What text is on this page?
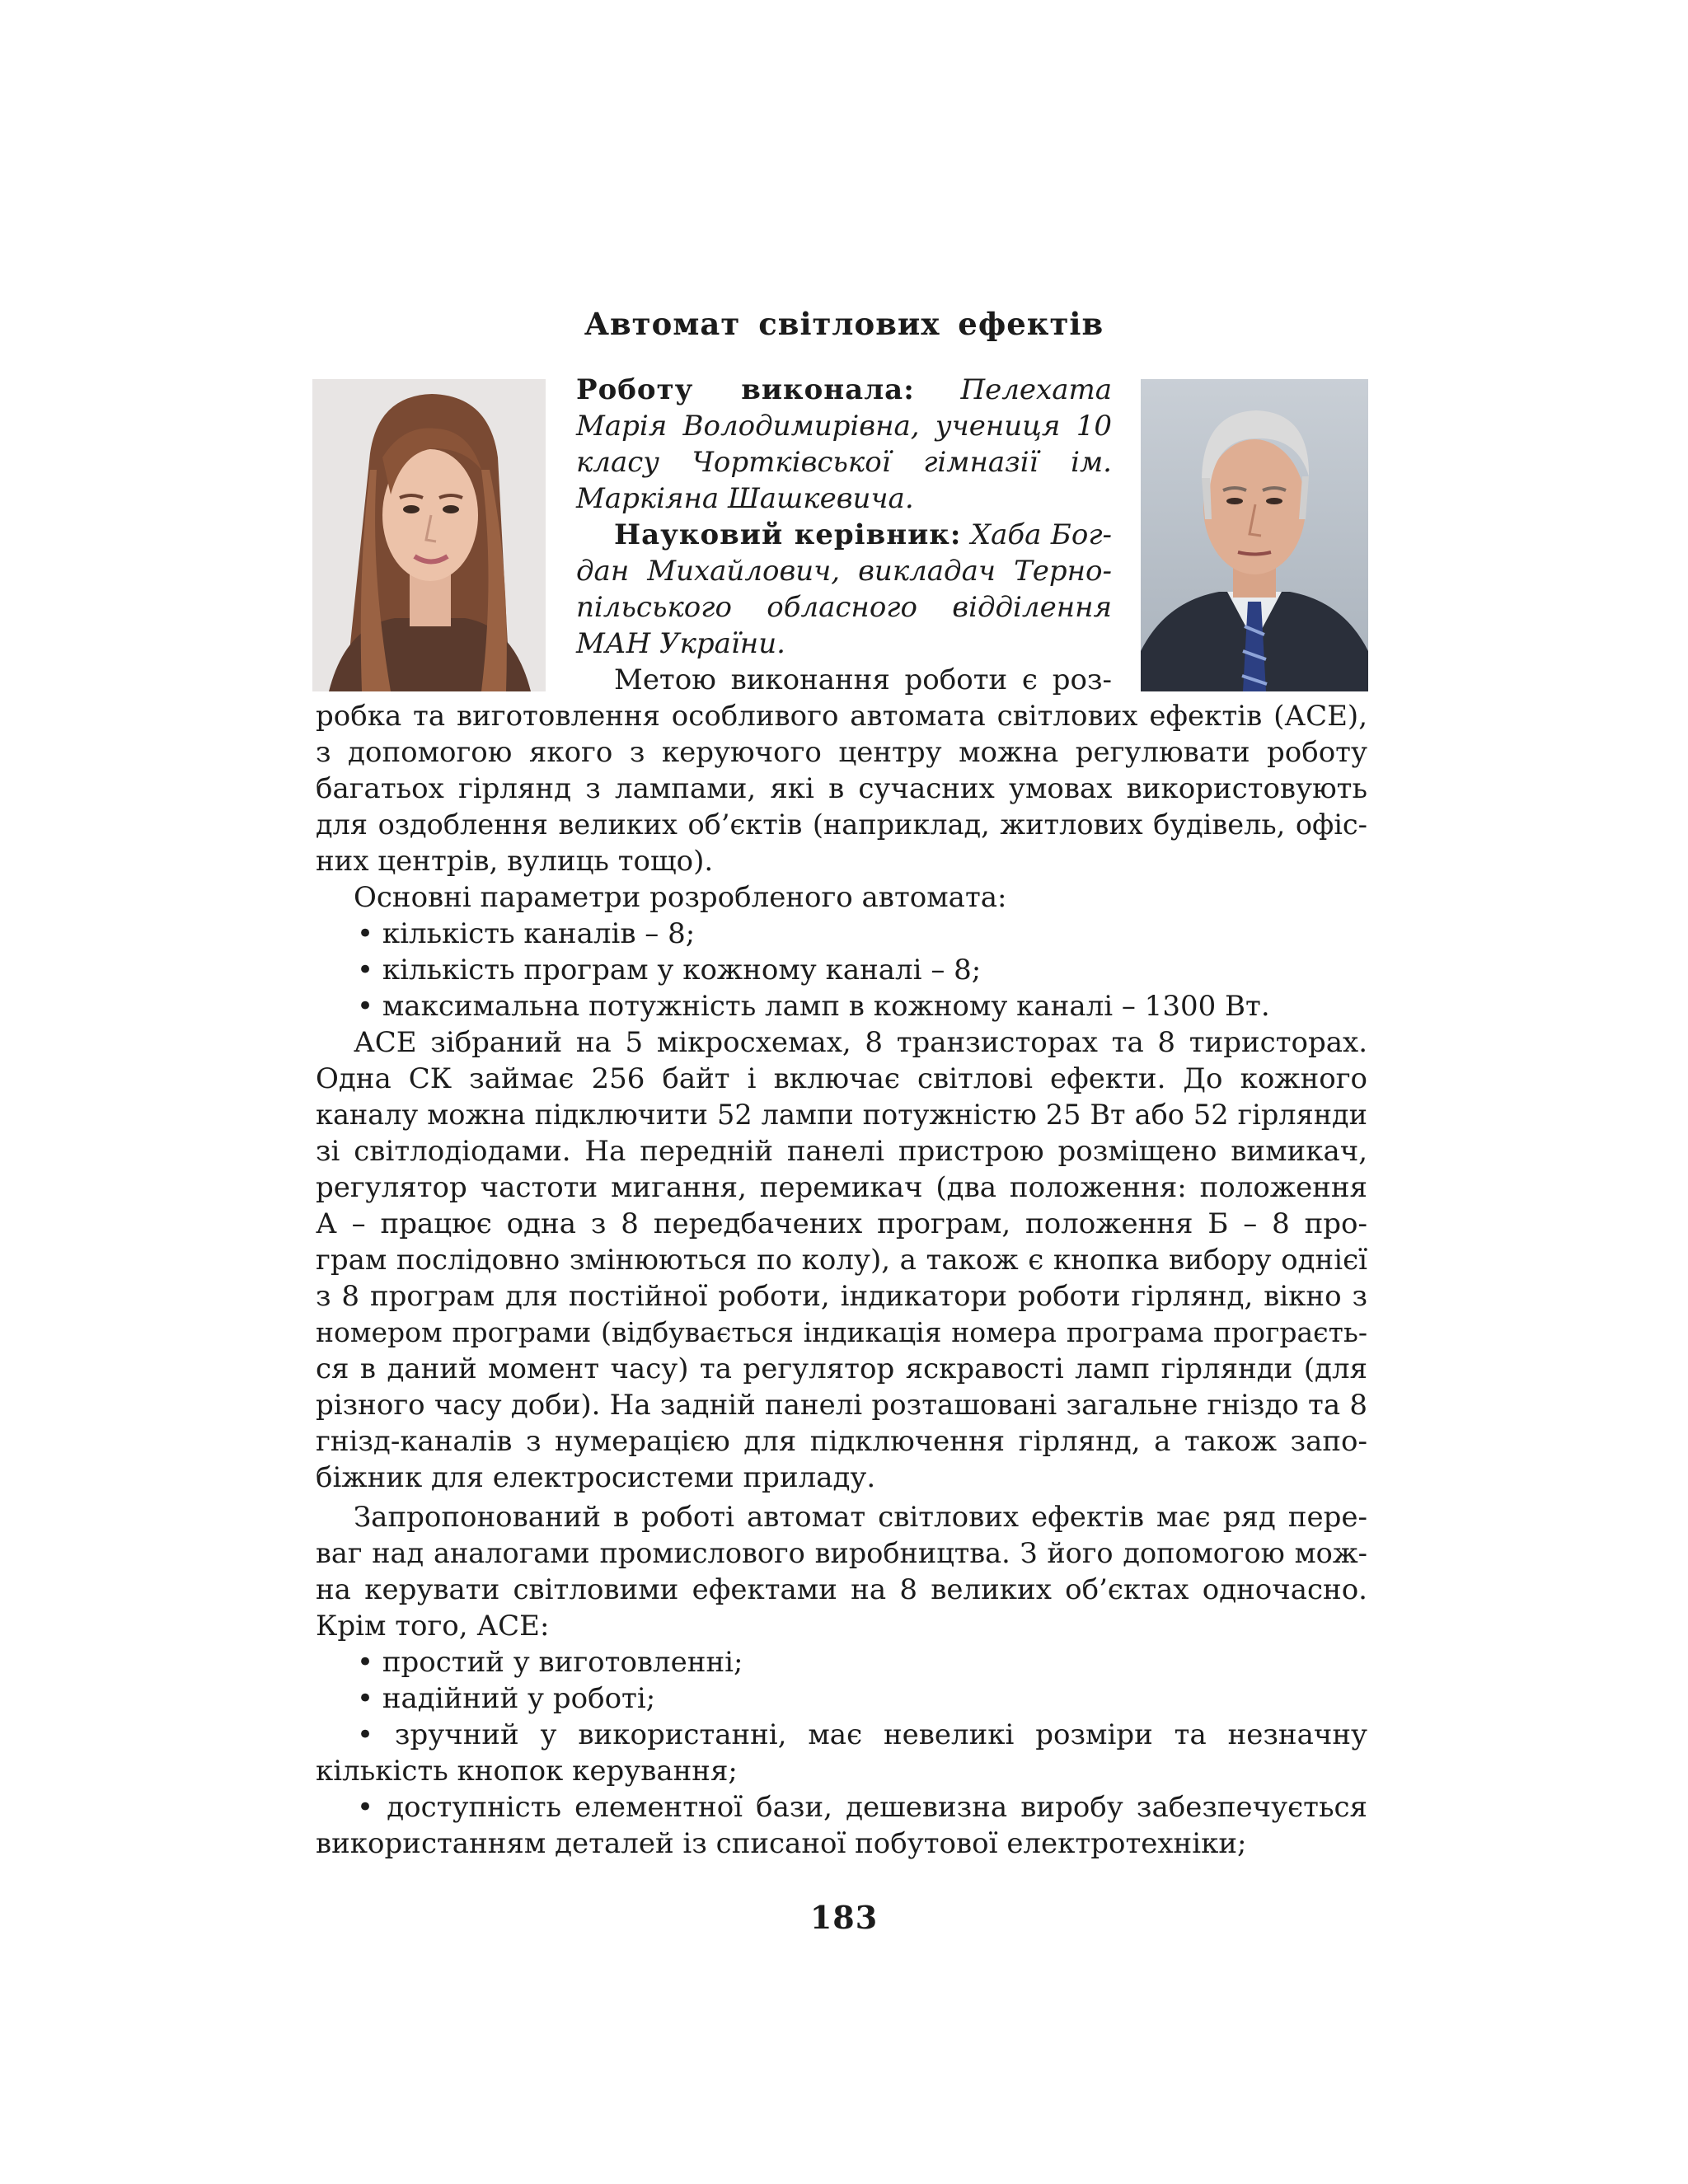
Автомат світлових ефектів
Роботу виконала: Пелехата
Марія Володимирівна, учениця 10
класу Чортківської гімназії ім.
Маркіяна Шашкевича.
Науковий керівник: Хаба Бог-
дан Михайлович, викладач Терно-
пільського обласного відділення
МАН України.
Метою виконання роботи є роз-
робка та виготовлення особливого автомата світлових ефектів (АСЕ),
з допомогою якого з керуючого центру можна регулювати роботу
багатьох гірлянд з лампами, які в сучасних умовах використовують
для оздоблення великих об’єктів (наприклад, житлових будівель, офіс-
них центрів, вулиць тощо).
Основні параметри розробленого автомата:
• кількість каналів – 8;
• кількість програм у кожному каналі – 8;
• максимальна потужність ламп в кожному каналі – 1300 Вт.
АСЕ зібраний на 5 мікросхемах, 8 транзисторах та 8 тиристорах.
Одна СК займає 256 байт і включає світлові ефекти. До кожного
каналу можна підключити 52 лампи потужністю 25 Вт або 52 гірлянди
зі світлодіодами. На передній панелі пристрою розміщено вимикач,
регулятор частоти мигання, перемикач (два положення: положення
А – працює одна з 8 передбачених програм, положення Б – 8 про-
грам послідовно змінюються по колу), а також є кнопка вибору однієї
з 8 програм для постійної роботи, індикатори роботи гірлянд, вікно з
номером програми (відбувається індикація номера програма програєть-
ся в даний момент часу) та регулятор яскравості ламп гірлянди (для
різного часу доби). На задній панелі розташовані загальне гніздо та 8
гнізд-каналів з нумерацією для підключення гірлянд, а також запо-
біжник для електросистеми приладу.
Запропонований в роботі автомат світлових ефектів має ряд пере-
ваг над аналогами промислового виробництва. З його допомогою мож-
на керувати світловими ефектами на 8 великих об’єктах одночасно.
Крім того, АСЕ:
• простий у виготовленні;
• надійний у роботі;
• зручний у використанні, має невеликі розміри та незначну
кількість кнопок керування;
• доступність елементної бази, дешевизна виробу забезпечується
використанням деталей із списаної побутової електротехніки;
183
